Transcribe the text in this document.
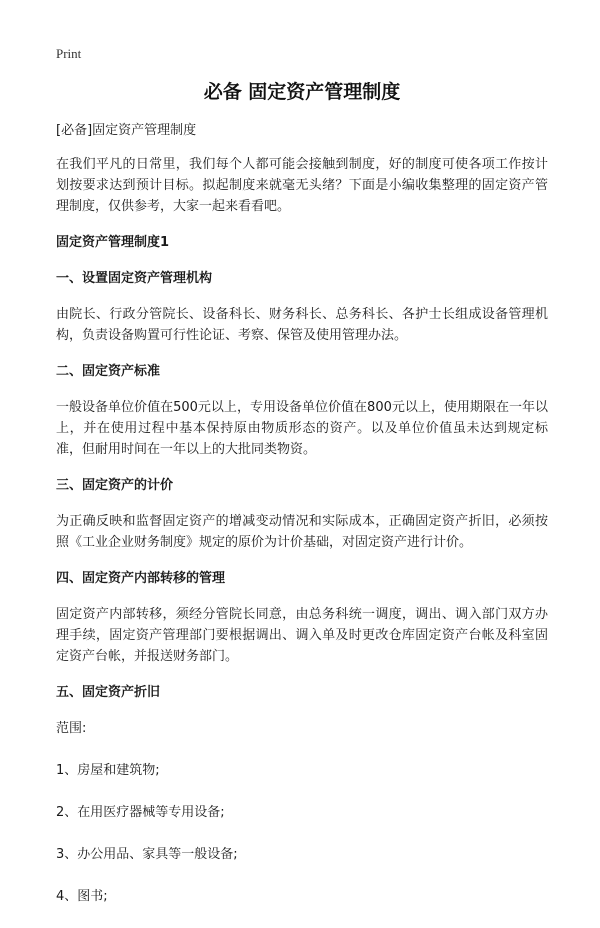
Print
必备 固定资产管理制度

[必备]固定资产管理制度

在我们平凡的日常里，我们每个人都可能会接触到制度，好的制度可使各项工作按计划按要求达到预计目标。拟起制度来就毫无头绪？下面是小编收集整理的固定资产管理制度，仅供参考，大家一起来看看吧。

固定资产管理制度1

一、设置固定资产管理机构

由院长、行政分管院长、设备科长、财务科长、总务科长、各护士长组成设备管理机构，负责设备购置可行性论证、考察、保管及使用管理办法。

二、固定资产标准

一般设备单位价值在500元以上，专用设备单位价值在800元以上，使用期限在一年以上，并在使用过程中基本保持原由物质形态的资产。以及单位价值虽未达到规定标准，但耐用时间在一年以上的大批同类物资。

三、固定资产的计价

为正确反映和监督固定资产的增减变动情况和实际成本，正确固定资产折旧，必须按照《工业企业财务制度》规定的原价为计价基础，对固定资产进行计价。

四、固定资产内部转移的管理

固定资产内部转移，须经分管院长同意，由总务科统一调度，调出、调入部门双方办理手续，固定资产管理部门要根据调出、调入单及时更改仓库固定资产台帐及科室固定资产台帐，并报送财务部门。

五、固定资产折旧

范围:

1、房屋和建筑物;

2、在用医疗器械等专用设备;

3、办公用品、家具等一般设备;

4、图书;
